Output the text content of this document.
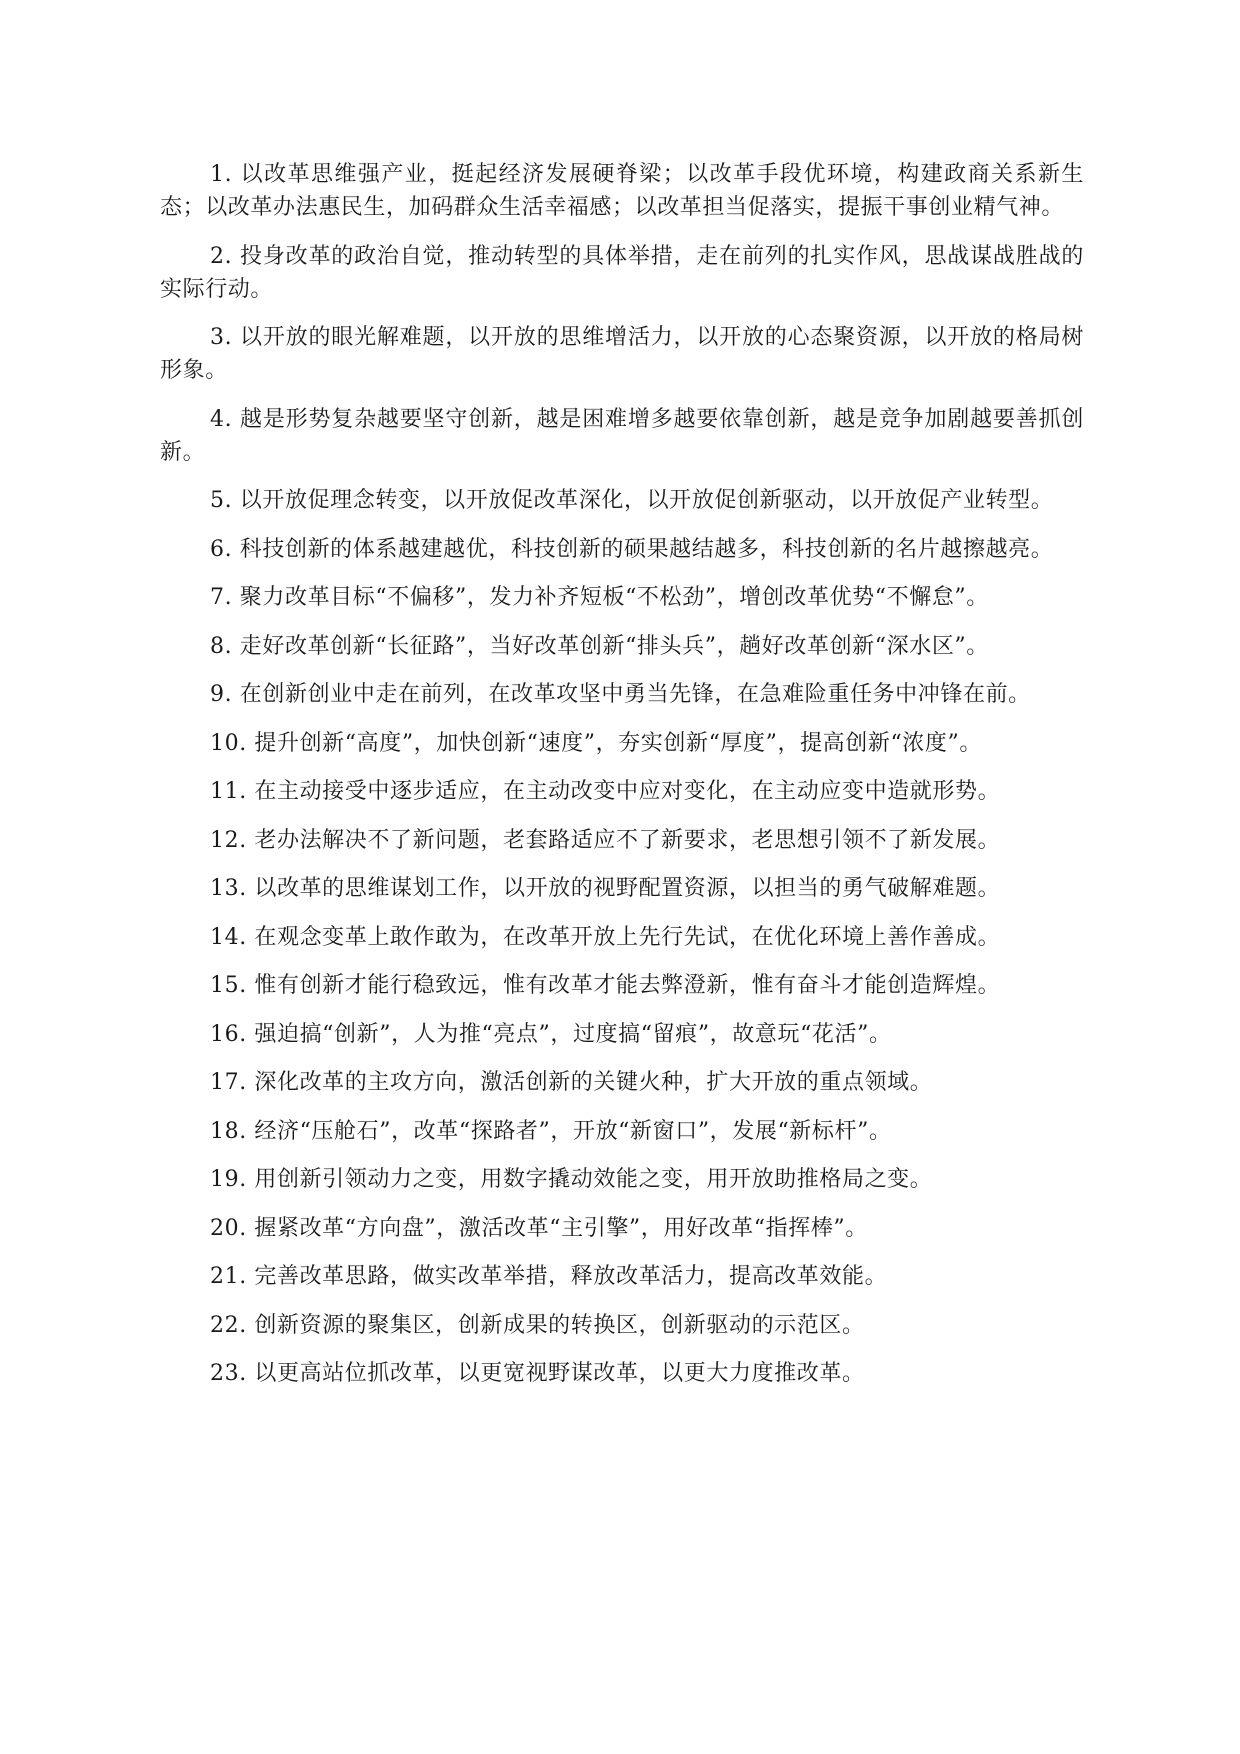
1. 以改革思维强产业，挺起经济发展硬脊梁；以改革手段优环境，构建政商关系新生态；以改革办法惠民生，加码群众生活幸福感；以改革担当促落实，提振干事创业精气神。

2. 投身改革的政治自觉，推动转型的具体举措，走在前列的扎实作风，思战谋战胜战的实际行动。

3. 以开放的眼光解难题，以开放的思维增活力，以开放的心态聚资源，以开放的格局树形象。

4. 越是形势复杂越要坚守创新，越是困难增多越要依靠创新，越是竞争加剧越要善抓创新。

5. 以开放促理念转变，以开放促改革深化，以开放促创新驱动，以开放促产业转型。

6. 科技创新的体系越建越优，科技创新的硕果越结越多，科技创新的名片越擦越亮。

7. 聚力改革目标“不偏移”，发力补齐短板“不松劲”，增创改革优势“不懈怠”。

8. 走好改革创新“长征路”，当好改革创新“排头兵”，趟好改革创新“深水区”。

9. 在创新创业中走在前列，在改革攻坚中勇当先锋，在急难险重任务中冲锋在前。

10. 提升创新“高度”，加快创新“速度”，夯实创新“厚度”，提高创新“浓度”。

11. 在主动接受中逐步适应，在主动改变中应对变化，在主动应变中造就形势。

12. 老办法解决不了新问题，老套路适应不了新要求，老思想引领不了新发展。

13. 以改革的思维谋划工作，以开放的视野配置资源，以担当的勇气破解难题。

14. 在观念变革上敢作敢为，在改革开放上先行先试，在优化环境上善作善成。

15. 惟有创新才能行稳致远，惟有改革才能去弊澄新，惟有奋斗才能创造辉煌。

16. 强迫搞“创新”，人为推“亮点”，过度搞“留痕”，故意玩“花活”。

17. 深化改革的主攻方向，激活创新的关键火种，扩大开放的重点领域。

18. 经济“压舱石”，改革“探路者”，开放“新窗口”，发展“新标杆”。

19. 用创新引领动力之变，用数字撬动效能之变，用开放助推格局之变。

20. 握紧改革“方向盘”，激活改革“主引擎”，用好改革“指挥棒”。

21. 完善改革思路，做实改革举措，释放改革活力，提高改革效能。

22. 创新资源的聚集区，创新成果的转换区，创新驱动的示范区。

23. 以更高站位抓改革，以更宽视野谋改革，以更大力度推改革。
